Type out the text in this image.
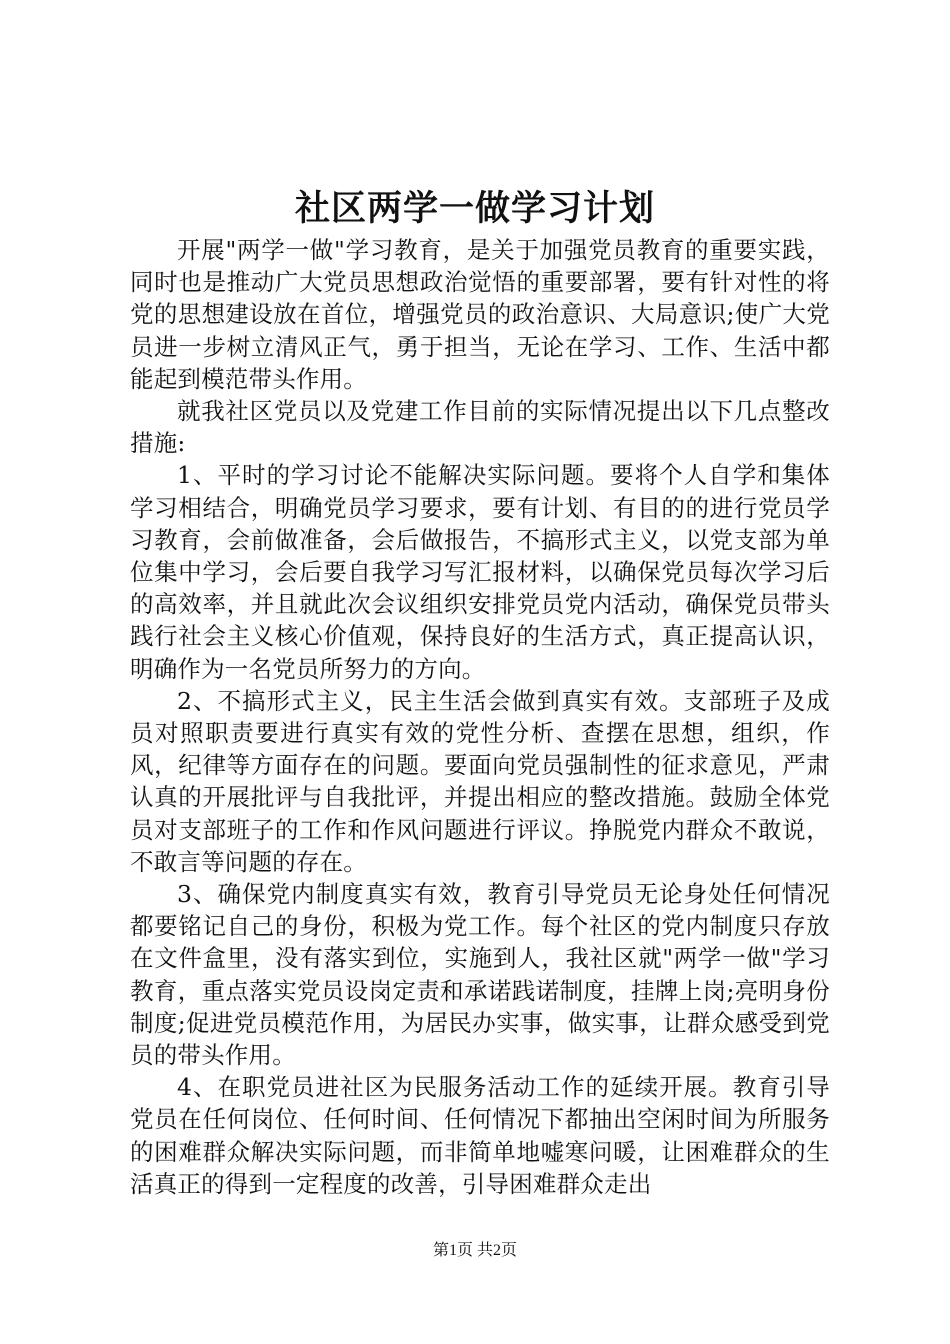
社区两学一做学习计划

开展"两学一做"学习教育，是关于加强党员教育的重要实践，同时也是推动广大党员思想政治觉悟的重要部署，要有针对性的将党的思想建设放在首位，增强党员的政治意识、大局意识;使广大党员进一步树立清风正气，勇于担当，无论在学习、工作、生活中都能起到模范带头作用。

就我社区党员以及党建工作目前的实际情况提出以下几点整改措施:

1、平时的学习讨论不能解决实际问题。要将个人自学和集体学习相结合，明确党员学习要求，要有计划、有目的的进行党员学习教育，会前做准备，会后做报告，不搞形式主义，以党支部为单位集中学习，会后要自我学习写汇报材料，以确保党员每次学习后的高效率，并且就此次会议组织安排党员党内活动，确保党员带头践行社会主义核心价值观，保持良好的生活方式，真正提高认识，明确作为一名党员所努力的方向。

2、不搞形式主义，民主生活会做到真实有效。支部班子及成员对照职责要进行真实有效的党性分析、查摆在思想，组织，作风，纪律等方面存在的问题。要面向党员强制性的征求意见，严肃认真的开展批评与自我批评，并提出相应的整改措施。鼓励全体党员对支部班子的工作和作风问题进行评议。挣脱党内群众不敢说，不敢言等问题的存在。

3、确保党内制度真实有效，教育引导党员无论身处任何情况都要铭记自己的身份，积极为党工作。每个社区的党内制度只存放在文件盒里，没有落实到位，实施到人，我社区就"两学一做"学习教育，重点落实党员设岗定责和承诺践诺制度，挂牌上岗;亮明身份制度;促进党员模范作用，为居民办实事，做实事，让群众感受到党员的带头作用。

4、在职党员进社区为民服务活动工作的延续开展。教育引导党员在任何岗位、任何时间、任何情况下都抽出空闲时间为所服务的困难群众解决实际问题，而非简单地嘘寒问暖，让困难群众的生活真正的得到一定程度的改善，引导困难群众走出

第1页 共2页
